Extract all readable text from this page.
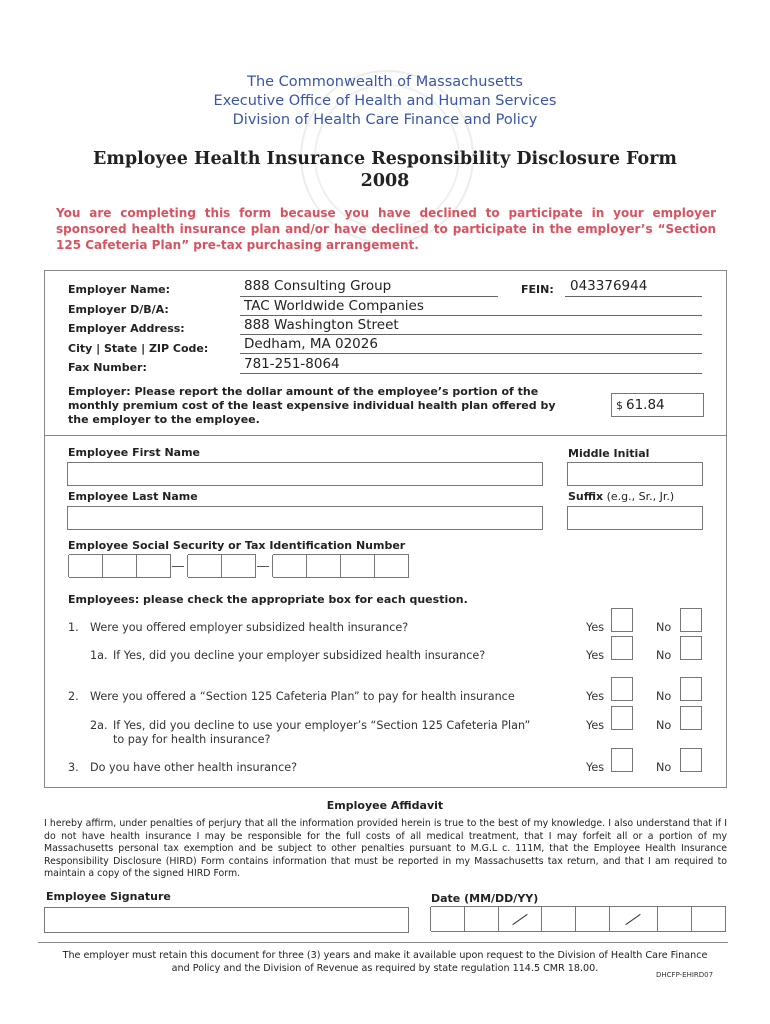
The Commonwealth of Massachusetts
Executive Office of Health and Human Services
Division of Health Care Finance and Policy
Employee Health Insurance Responsibility Disclosure Form
2008
You are completing this form because you have declined to participate in your employer sponsored health insurance plan and/or have declined to participate in the employer’s “Section 125 Cafeteria Plan” pre-tax purchasing arrangement.
Employer Name:	888 Consulting Group	FEIN: 043376944
Employer D/B/A:	TAC Worldwide Companies
Employer Address:	888 Washington Street
City | State | ZIP Code:	Dedham, MA 02026
Fax Number:	781-251-8064
Employer: Please report the dollar amount of the employee’s portion of the monthly premium cost of the least expensive individual health plan offered by the employer to the employee.
$ 61.84
Employee First Name	Middle Initial
Employee Last Name	Suffix (e.g., Sr., Jr.)
Employee Social Security or Tax Identification Number
Employees: please check the appropriate box for each question.
1. Were you offered employer subsidized health insurance?	Yes	No
1a. If Yes, did you decline your employer subsidized health insurance?	Yes	No
2. Were you offered a “Section 125 Cafeteria Plan” to pay for health insurance	Yes	No
2a. If Yes, did you decline to use your employer’s “Section 125 Cafeteria Plan”
to pay for health insurance?
Yes	No
3. Do you have other health insurance?	Yes	No
Employee Affidavit
I hereby affirm, under penalties of perjury that all the information provided herein is true to the best of my knowledge. I also understand that if I do not have health insurance I may be responsible for the full costs of all medical treatment, that I may forfeit all or a portion of my Massachusetts personal tax exemption and be subject to other penalties pursuant to M.G.L c. 111M, that the Employee Health Insurance Responsibility Disclosure (HIRD) Form contains information that must be reported in my Massachusetts tax return, and that I am required to maintain a copy of the signed HIRD Form.
Employee Signature	Date (MM/DD/YY)
The employer must retain this document for three (3) years and make it available upon request to the Division of Health Care Finance and Policy and the Division of Revenue as required by state regulation 114.5 CMR 18.00.
DHCFP-EHIRD07
